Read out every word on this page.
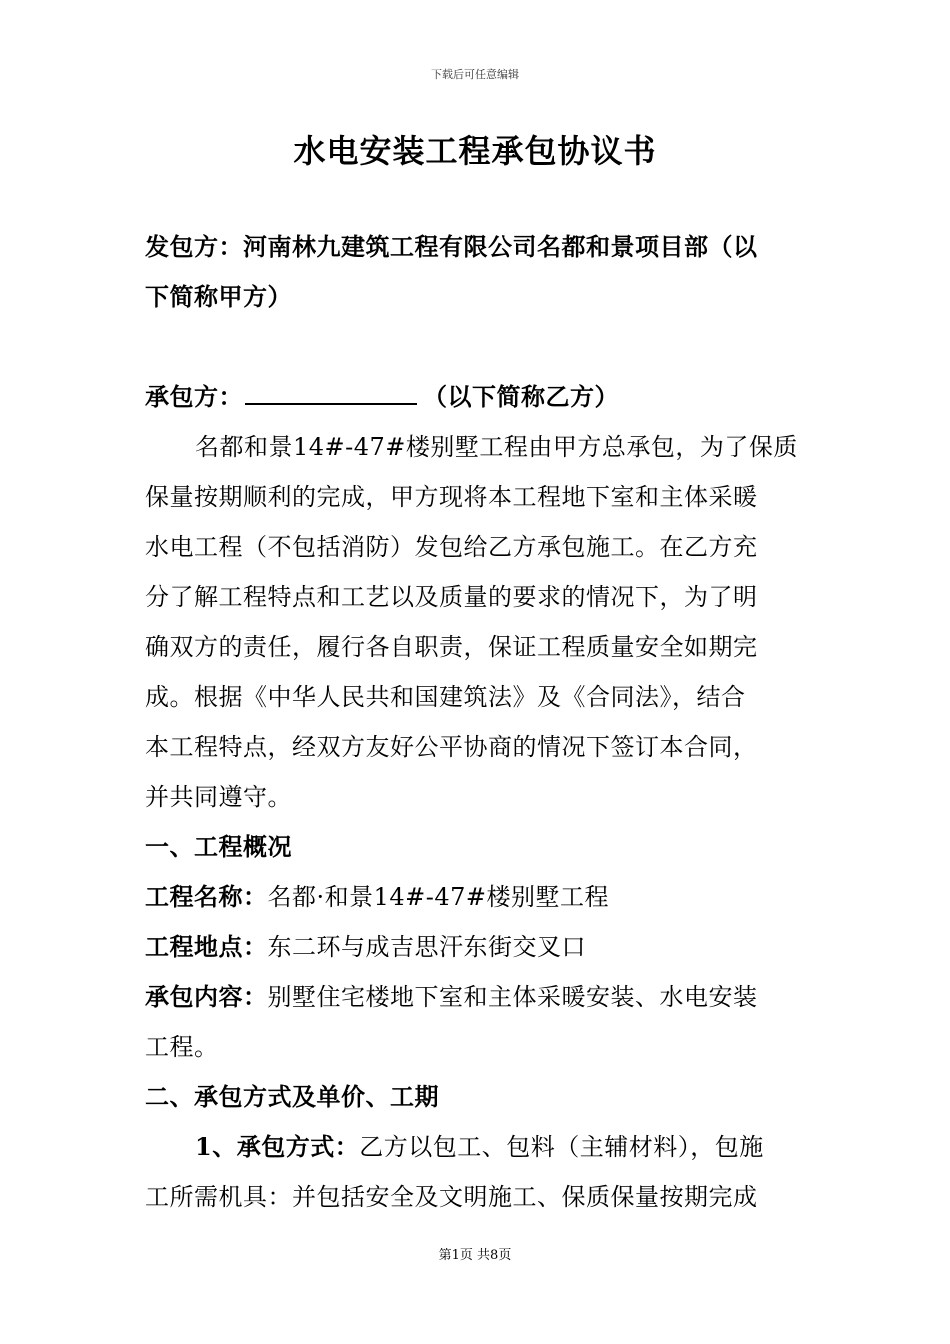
下载后可任意编辑
水电安装工程承包协议书
发包方：河南林九建筑工程有限公司名都和景项目部（以
下简称甲方）
承包方：	（以下简称乙方）
名都和景14#-47#楼别墅工程由甲方总承包，为了保质
保量按期顺利的完成，甲方现将本工程地下室和主体采暖
水电工程（不包括消防）发包给乙方承包施工。在乙方充
分了解工程特点和工艺以及质量的要求的情况下，为了明
确双方的责任，履行各自职责，保证工程质量安全如期完
成。根据《中华人民共和国建筑法》及《合同法》，结合
本工程特点，经双方友好公平协商的情况下签订本合同，
并共同遵守。
一、工程概况
工程名称：名都·和景14#-47#楼别墅工程
工程地点：东二环与成吉思汗东街交叉口
承包内容：别墅住宅楼地下室和主体采暖安装、水电安装
工程。
二、承包方式及单价、工期
1、承包方式：乙方以包工、包料（主辅材料），包施
工所需机具：并包括安全及文明施工、保质保量按期完成
第1页 共8页
